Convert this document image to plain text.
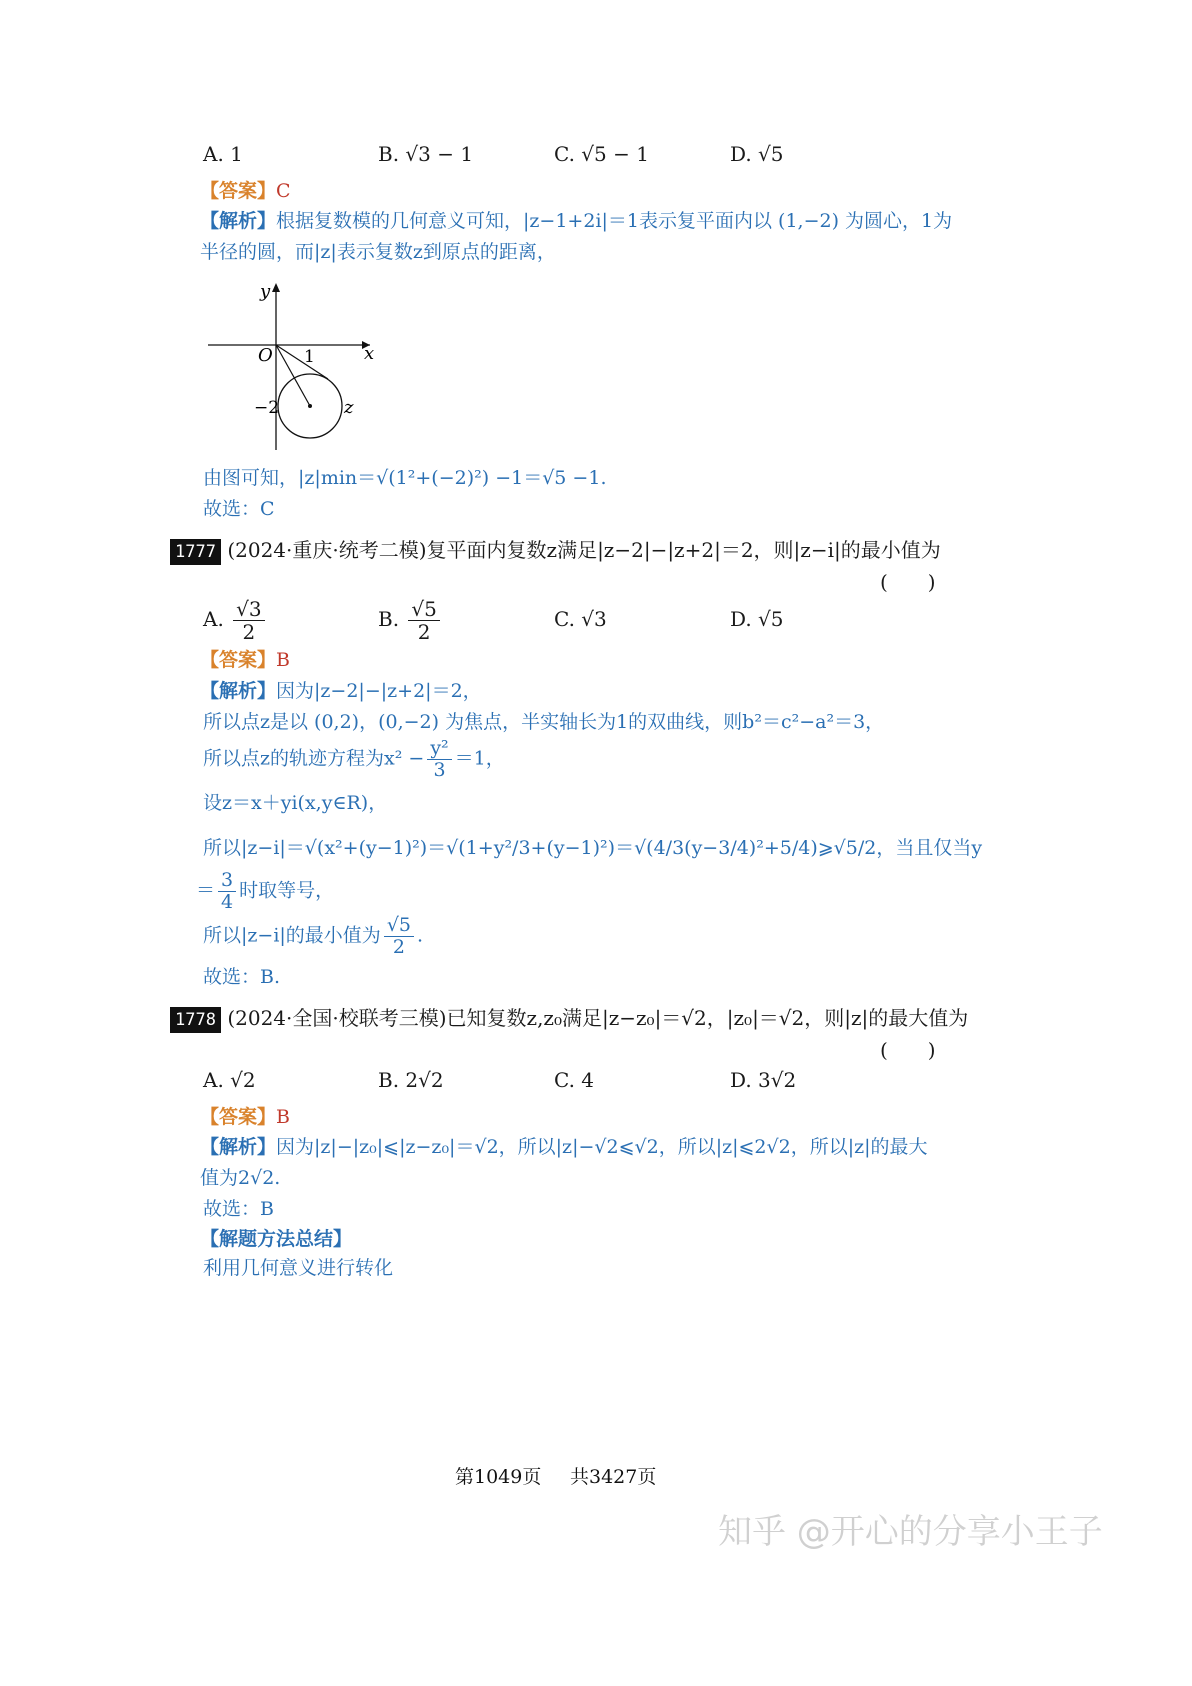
A. 1	B. √3 − 1	C. √5 − 1	D. √5
【答案】C
【解析】根据复数模的几何意义可知，|z−1+2i|＝1表示复平面内以 (1,−2) 为圆心，1为
半径的圆，而|z|表示复数z到原点的距离，
y
x
O 1
−2	z
由图可知，|z|min＝√(1²+(−2)²) −1＝√5 −1.
故选：C
1777 (2024·重庆·统考二模)复平面内复数z满足|z−2|−|z+2|＝2，则|z−i|的最小值为
(　　)
A. $\frac{√3}{2}$	B. $\frac{√5}{2}$	C. √3	D. √5
【答案】B
【解析】因为|z−2|−|z+2|＝2，
所以点z是以 (0,2)，(0,−2) 为焦点，半实轴长为1的双曲线，则b²＝c²−a²＝3，
所以点z的轨迹方程为$x^2 - \frac{\text{y²}}{3} =1$，
设z＝x＋yi(x,y∈R)，
所以|z−i|＝√(x²+(y−1)²)＝√(1+y²/3+(y−1)²)＝√(4/3(y−3/4)²+5/4)⩾√5/2，当且仅当y
＝ $\frac{3}{4}$ 时取等号，
所以|z−i|的最小值为 $\frac{√5}{2}$ .
故选：B.
1778 (2024·全国·校联考三模)已知复数z,z₀满足|z−z₀|＝√2，|z₀|＝√2，则|z|的最大值为
(　　)
A. √2	B. 2√2	C. 4	D. 3√2
【答案】B
【解析】因为|z|−|z₀|⩽|z−z₀|＝√2，所以|z|−√2⩽√2，所以|z|⩽2√2，所以|z|的最大
值为2√2.
故选：B
【解题方法总结】
利用几何意义进行转化
第1049页 共3427页
知乎 @开心的分享小王子
